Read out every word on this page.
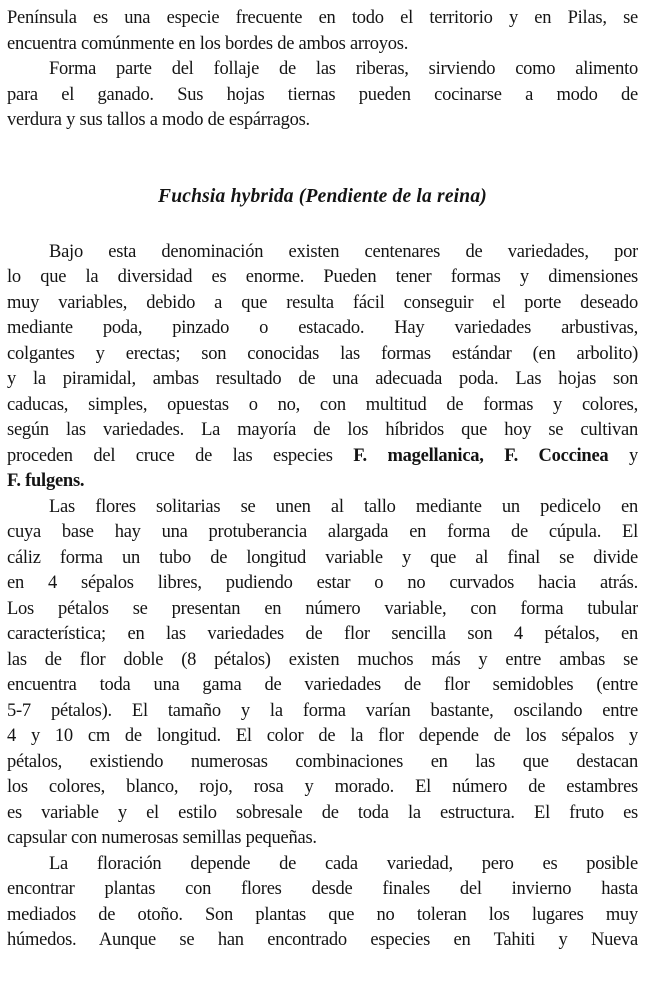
Península es una especie frecuente en todo el territorio y en Pilas, se
encuentra comúnmente en los bordes de ambos arroyos.
Forma parte del follaje de las riberas, sirviendo como alimento
para el ganado. Sus hojas tiernas pueden cocinarse a modo de
verdura y sus tallos a modo de espárragos.
Fuchsia hybrida (Pendiente de la reina)
Bajo esta denominación existen centenares de variedades, por
lo que la diversidad es enorme. Pueden tener formas y dimensiones
muy variables, debido a que resulta fácil conseguir el porte deseado
mediante poda, pinzado o estacado. Hay variedades arbustivas,
colgantes y erectas; son conocidas las formas estándar (en arbolito)
y la piramidal, ambas resultado de una adecuada poda. Las hojas son
caducas, simples, opuestas o no, con multitud de formas y colores,
según las variedades. La mayoría de los híbridos que hoy se cultivan
proceden del cruce de las especies F. magellanica, F. Coccinea y
F. fulgens.
Las flores solitarias se unen al tallo mediante un pedicelo en
cuya base hay una protuberancia alargada en forma de cúpula. El
cáliz forma un tubo de longitud variable y que al final se divide
en 4 sépalos libres, pudiendo estar o no curvados hacia atrás.
Los pétalos se presentan en número variable, con forma tubular
característica; en las variedades de flor sencilla son 4 pétalos, en
las de flor doble (8 pétalos) existen muchos más y entre ambas se
encuentra toda una gama de variedades de flor semidobles (entre
5-7 pétalos). El tamaño y la forma varían bastante, oscilando entre
4 y 10 cm de longitud. El color de la flor depende de los sépalos y
pétalos, existiendo numerosas combinaciones en las que destacan
los colores, blanco, rojo, rosa y morado. El número de estambres
es variable y el estilo sobresale de toda la estructura. El fruto es
capsular con numerosas semillas pequeñas.
La floración depende de cada variedad, pero es posible
encontrar plantas con flores desde finales del invierno hasta
mediados de otoño. Son plantas que no toleran los lugares muy
húmedos. Aunque se han encontrado especies en Tahiti y Nueva
